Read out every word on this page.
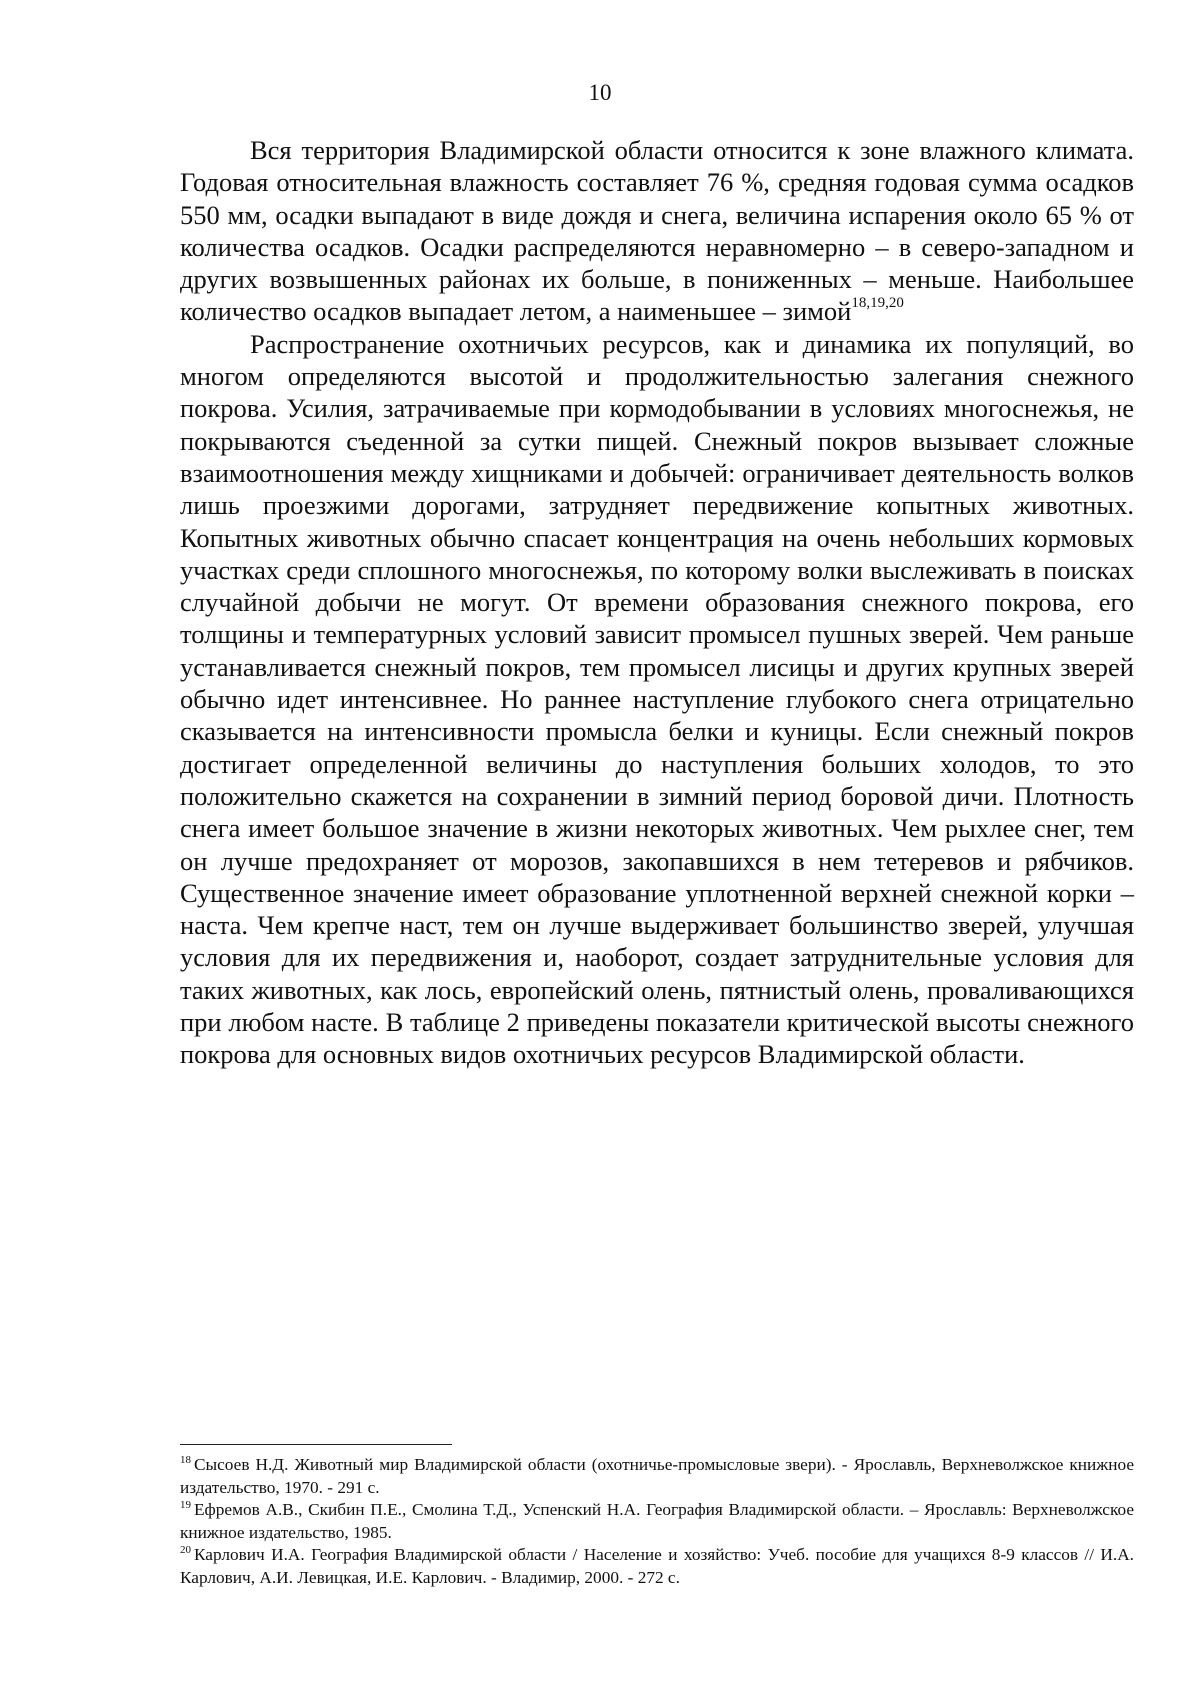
10

Вся территория Владимирской области относится к зоне влажного климата. Годовая относительная влажность составляет 76 %, средняя годовая сумма осадков 550 мм, осадки выпадают в виде дождя и снега, величина испарения около 65 % от количества осадков. Осадки распределяются неравномерно – в северо-западном и других возвышенных районах их больше, в пониженных – меньше. Наибольшее количество осадков выпадает летом, а наименьшее – зимой$^{18,19,20}$

Распространение охотничьих ресурсов, как и динамика их популяций, во многом определяются высотой и продолжительностью залегания снежного покрова. Усилия, затрачиваемые при кормодобывании в условиях многоснежья, не покрываются съеденной за сутки пищей. Снежный покров вызывает сложные взаимоотношения между хищниками и добычей: ограничивает деятельность волков лишь проезжими дорогами, затрудняет передвижение копытных животных. Копытных животных обычно спасает концентрация на очень небольших кормовых участках среди сплошного многоснежья, по которому волки выслеживать в поисках случайной добычи не могут. От времени образования снежного покрова, его толщины и температурных условий зависит промысел пушных зверей. Чем раньше устанавливается снежный покров, тем промысел лисицы и других крупных зверей обычно идет интенсивнее. Но раннее наступление глубокого снега отрицательно сказывается на интенсивности промысла белки и куницы. Если снежный покров достигает определенной величины до наступления больших холодов, то это положительно скажется на сохранении в зимний период боровой дичи. Плотность снега имеет большое значение в жизни некоторых животных. Чем рыхлее снег, тем он лучше предохраняет от морозов, закопавшихся в нем тетеревов и рябчиков. Существенное значение имеет образование уплотненной верхней снежной корки – наста. Чем крепче наст, тем он лучше выдерживает большинство зверей, улучшая условия для их передвижения и, наоборот, создает затруднительные условия для таких животных, как лось, европейский олень, пятнистый олень, проваливающихся при любом насте. В таблице 2 приведены показатели критической высоты снежного покрова для основных видов охотничьих ресурсов Владимирской области.

$^{18}$ Сысоев Н.Д. Животный мир Владимирской области (охотничье-промысловые звери). - Ярославль, Верхневолжское книжное издательство, 1970. - 291 с.

$^{19}$ Ефремов А.В., Скибин П.Е., Смолина Т.Д., Успенский Н.А. География Владимирской области. – Ярославль: Верхневолжское книжное издательство, 1985.

$^{20}$ Карлович И.А. География Владимирской области / Население и хозяйство: Учеб. пособие для учащихся 8-9 классов // И.А. Карлович, А.И. Левицкая, И.Е. Карлович. - Владимир, 2000. - 272 с.
